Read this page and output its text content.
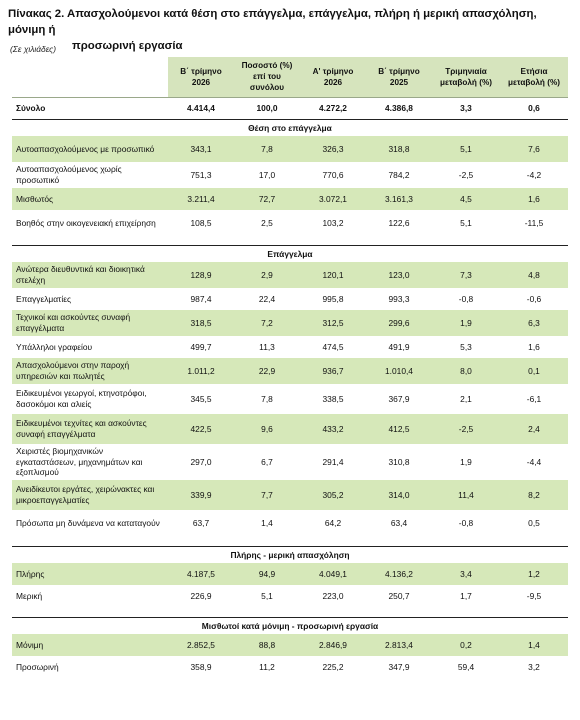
Πίνακας 2. Απασχολούμενοι κατά θέση στο επάγγελμα, επάγγελμα, πλήρη ή μερική απασχόληση, μόνιμη ή
προσωρινή εργασία
(Σε χιλιάδες)
	Β΄ τρίμηνο 2026	Ποσοστό (%) επί του συνόλου	Α' τρίμηνο 2026	Β΄ τρίμηνο 2025	Τριμηνιαία μεταβολή (%)	Ετήσια μεταβολή (%)
Σύνολο	4.414,4	100,0	4.272,2	4.386,8	3,3	0,6
Θέση στο επάγγελμα						
Αυτοαπασχολούμενος με προσωπικό	343,1	7,8	326,3	318,8	5,1	7,6
Αυτοαπασχολούμενος χωρίς προσωπικό	751,3	17,0	770,6	784,2	-2,5	-4,2
Μισθωτός	3.211,4	72,7	3.072,1	3.161,3	4,5	1,6
Βοηθός στην οικογενειακή επιχείρηση	108,5	2,5	103,2	122,6	5,1	-11,5

Επάγγελμα						
Ανώτερα διευθυντικά και διοικητικά στελέχη	128,9	2,9	120,1	123,0	7,3	4,8
Επαγγελματίες	987,4	22,4	995,8	993,3	-0,8	-0,6
Τεχνικοί και ασκούντες συναφή επαγγέλματα	318,5	7,2	312,5	299,6	1,9	6,3
Υπάλληλοι γραφείου	499,7	11,3	474,5	491,9	5,3	1,6
Απασχολούμενοι στην παροχή υπηρεσιών και πωλητές	1.011,2	22,9	936,7	1.010,4	8,0	0,1
Ειδικευμένοι γεωργοί, κτηνοτρόφοι, δασοκόμοι και αλιείς	345,5	7,8	338,5	367,9	2,1	-6,1
Ειδικευμένοι τεχνίτες και ασκούντες συναφή επαγγέλματα	422,5	9,6	433,2	412,5	-2,5	2,4
Χειριστές βιομηχανικών εγκαταστάσεων, μηχανημάτων και εξοπλισμού	297,0	6,7	291,4	310,8	1,9	-4,4
Ανειδίκευτοι εργάτες, χειρώνακτες και μικροεπαγγελματίες	339,9	7,7	305,2	314,0	11,4	8,2
Πρόσωπα μη δυνάμενα να καταταγούν	63,7	1,4	64,2	63,4	-0,8	0,5

Πλήρης - μερική απασχόληση						
Πλήρης	4.187,5	94,9	4.049,1	4.136,2	3,4	1,2
Μερική	226,9	5,1	223,0	250,7	1,7	-9,5

Μισθωτοί κατά μόνιμη - προσωρινή εργασία						
Μόνιμη	2.852,5	88,8	2.846,9	2.813,4	0,2	1,4
Προσωρινή	358,9	11,2	225,2	347,9	59,4	3,2
